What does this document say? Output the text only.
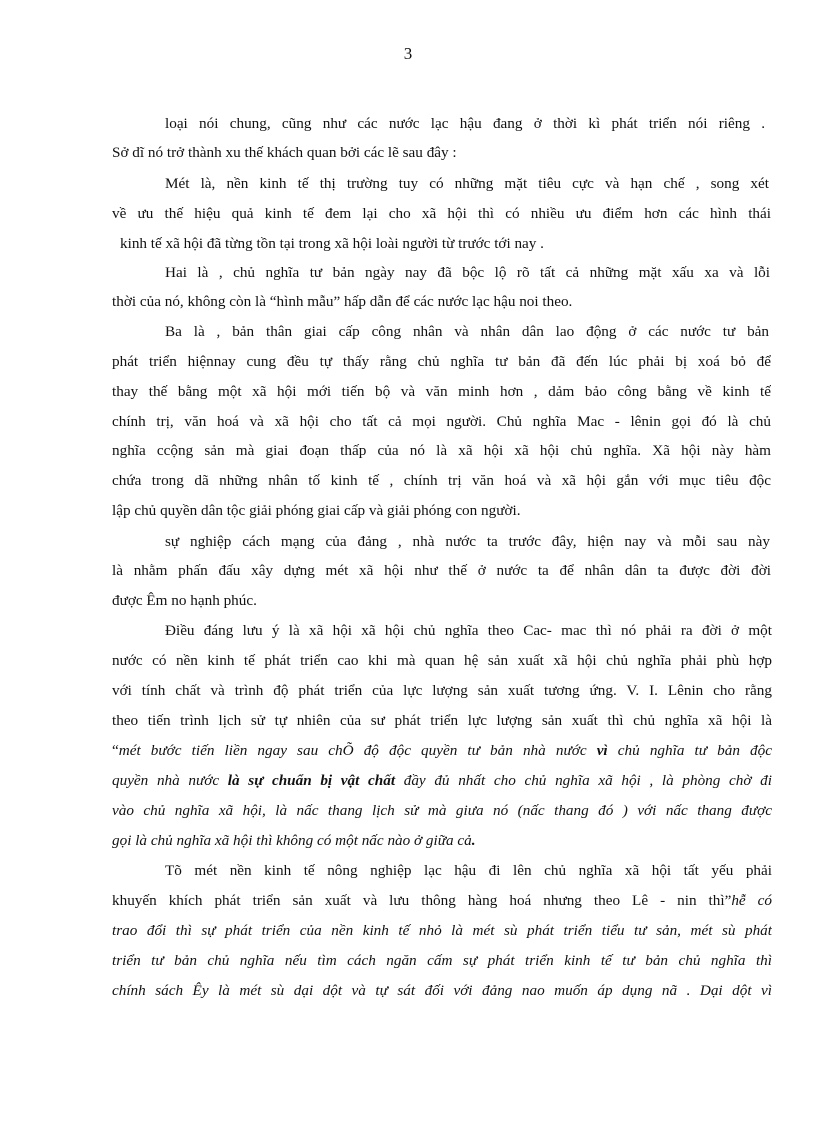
3
loại nói chung, cũng như các nước lạc hậu đang ở thời kì phát triển nói riêng .
Sở dĩ nó trở thành xu thế khách quan bởi các lẽ sau đây :
Mét là, nền kinh tế thị trường tuy có những mặt tiêu cực và hạn chế , song xét
về ưu thế hiệu quả kinh tế đem lại cho xã hội thì có nhiều ưu điểm hơn các hình thái
kinh tế xã hội đã từng tồn tại trong xã hội loài người từ trước tới nay .
Hai là , chủ nghĩa tư bản ngày nay đã bộc lộ rõ tất cả những mặt xấu xa và lỗi
thời của nó, không còn là “hình mẫu” hấp dẫn để các nước lạc hậu noi theo.
Ba là , bản thân giai cấp công nhân và nhân dân lao động ở các nước tư bản
phát triển hiệnnay cung đều tự thấy rằng chủ nghĩa tư bản đã đến lúc phải bị xoá bỏ để
thay thế bằng một xã hội mới tiến bộ và văn minh hơn , dảm bảo công bằng về kinh tế
chính trị, văn hoá và xã hội cho tất cả mọi người. Chủ nghĩa Mac - lênin gọi đó là chủ
nghĩa ccộng sản mà giai đoạn thấp của nó là xã hội xã hội chủ nghĩa. Xã hội này hàm
chứa trong dã những nhân tố kinh tế , chính trị văn hoá và xã hội gắn với mục tiêu độc
lập chủ quyền dân tộc giải phóng giai cấp và giải phóng con người.
sự nghiệp cách mạng của đảng , nhà nước ta trước đây, hiện nay và mỗi sau này
là nhằm phấn đấu xây dựng mét xã hội như thế ở nước ta để nhân dân ta được đời đời
được Êm no hạnh phúc.
Điều đáng lưu ý là xã hội xã hội chủ nghĩa theo Cac- mac thì nó phải ra đời ở một
nước có nền kinh tế phát triển cao khi mà quan hệ sản xuất xã hội chủ nghĩa phải phù hợp
với tính chất và trình độ phát triển của lực lượng sản xuất tương ứng. V. I. Lênin cho rằng
theo tiến trình lịch sử tự nhiên của sư phát triển lực lượng sản xuất thì chủ nghĩa xã hội là
“mét bước tiến liền ngay sau chÕ độ độc quyền tư bản nhà nước vì chủ nghĩa tư bản độc
quyền nhà nước là sự chuẩn bị vật chất đầy đủ nhất cho chủ nghĩa xã hội , là phòng chờ đi
vào chủ nghĩa xã hội, là nấc thang lịch sử mà giưa nó (nấc thang đó ) với nấc thang được
gọi là chủ nghĩa xã hội thì không có một nấc nào ở giữa cả.
Tõ mét nền kinh tế nông nghiệp lạc hậu đi lên chủ nghĩa xã hội tất yếu phải
khuyến khích phát triển sản xuất và lưu thông hàng hoá nhưng theo Lê - nin thì”hễ có
trao đổi thì sự phát triển của nền kinh tế nhỏ là mét sù phát triển tiểu tư sản, mét sù phát
triển tư bản chủ nghĩa nếu tìm cách ngăn cấm sự phát triển kinh tế tư bản chủ nghĩa thì
chính sách Êy là mét sù dại dột và tự sát đối với đảng nao muốn áp dụng nã . Dại dột vì
